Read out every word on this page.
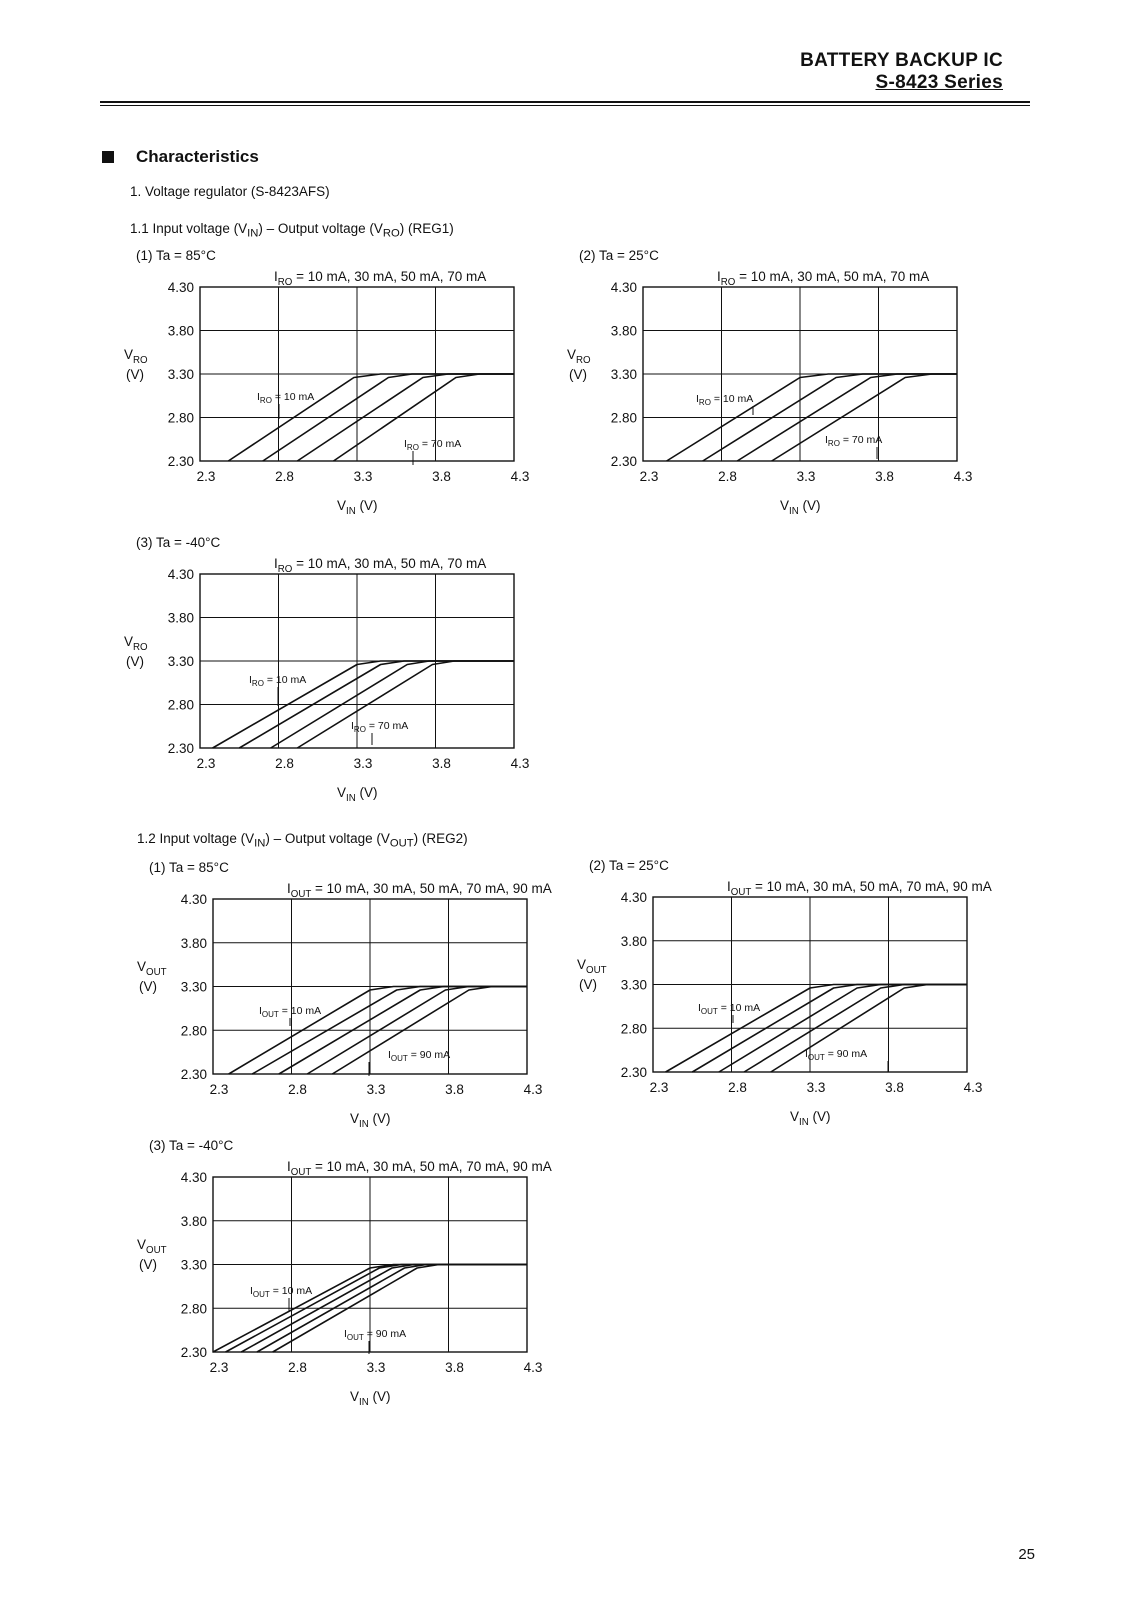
BATTERY BACKUP IC
S-8423 Series
Characteristics
1. Voltage regulator (S-8423AFS)
1.1 Input voltage $(V_{IN})$ – Output voltage $(V_{RO})$ (REG1)
1.2 Input voltage $(V_{IN})$ – Output voltage $(V_{OUT})$ (REG2)
(1) Ta = 85°C
4.30
3.80
3.30
2.80
2.30
2.3	2.8	3.3	3.8	4.3
$I_{RO} = 10$ mA, 30 mA, 50 mA, 70 mA
$V_{RO}$
(V)
$V_{IN}$ (V)
$I_{RO} = 10$ mA
$I_{RO} = 70$ mA
(2) Ta = 25°C
4.30
3.80
3.30
2.80
2.30
2.3	2.8	3.3	3.8	4.3
$I_{RO} = 10$ mA, 30 mA, 50 mA, 70 mA
$V_{RO}$
(V)
$V_{IN}$ (V)
$I_{RO} = 10$ mA
$I_{RO} = 70$ mA
(3) Ta = -40°C
4.30
3.80
3.30
2.80
2.30
2.3	2.8	3.3	3.8	4.3
$I_{RO} = 10$ mA, 30 mA, 50 mA, 70 mA
$V_{RO}$
(V)
$V_{IN}$ (V)
$I_{RO} = 10$ mA
$I_{RO} = 70$ mA
(1) Ta = 85°C
4.30
3.80
3.30
2.80
2.30
2.3	2.8	3.3	3.8	4.3
$I_{OUT} = 10$ mA, 30 mA, 50 mA, 70 mA, 90 mA
$V_{OUT}$
(V)
$V_{IN}$ (V)
$I_{OUT} = 10$ mA
$I_{OUT} = 90$ mA
(2) Ta = 25°C
4.30
3.80
3.30
2.80
2.30
2.3	2.8	3.3	3.8	4.3
$I_{OUT} = 10$ mA, 30 mA, 50 mA, 70 mA, 90 mA
$V_{OUT}$
(V)
$V_{IN}$ (V)
$I_{OUT} = 10$ mA
$I_{OUT} = 90$ mA
(3) Ta = -40°C
4.30
3.80
3.30
2.80
2.30
2.3	2.8	3.3	3.8	4.3
$I_{OUT} = 10$ mA, 30 mA, 50 mA, 70 mA, 90 mA
$V_{OUT}$
(V)
$V_{IN}$ (V)
$I_{OUT} = 10$ mA
$I_{OUT} = 90$ mA
25
